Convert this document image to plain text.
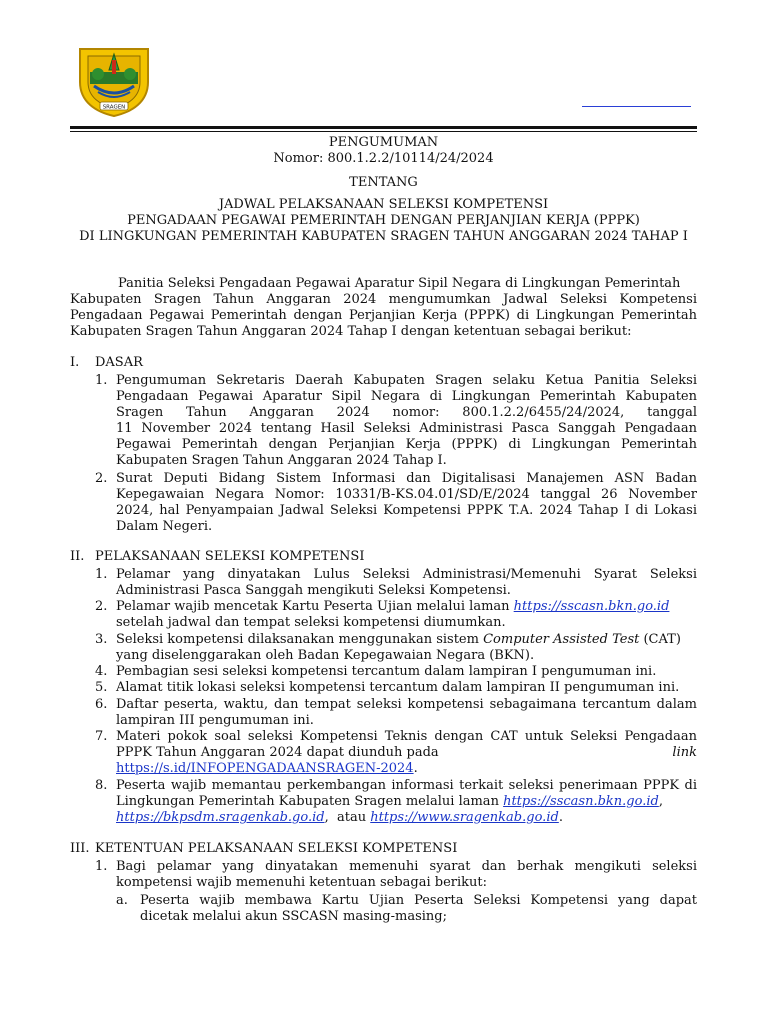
SRAGEN
PENGUMUMAN
Nomor: 800.1.2.2/10114/24/2024
TENTANG
JADWAL PELAKSANAAN SELEKSI KOMPETENSI
PENGADAAN PEGAWAI PEMERINTAH DENGAN PERJANJIAN KERJA (PPPK)
DI LINGKUNGAN PEMERINTAH KABUPATEN SRAGEN TAHUN ANGGARAN 2024 TAHAP I
Panitia Seleksi Pengadaan Pegawai Aparatur Sipil Negara di Lingkungan Pemerintah
Kabupaten Sragen Tahun Anggaran 2024 mengumumkan Jadwal Seleksi Kompetensi
Pengadaan Pegawai Pemerintah dengan Perjanjian Kerja (PPPK) di Lingkungan Pemerintah
Kabupaten Sragen Tahun Anggaran 2024 Tahap I dengan ketentuan sebagai berikut:
I. DASAR
1. Pengumuman Sekretaris Daerah Kabupaten Sragen selaku Ketua Panitia Seleksi
Pengadaan Pegawai Aparatur Sipil Negara di Lingkungan Pemerintah Kabupaten
Sragen Tahun Anggaran 2024 nomor: 800.1.2.2/6455/24/2024, tanggal
11 November 2024 tentang Hasil Seleksi Administrasi Pasca Sanggah Pengadaan
Pegawai Pemerintah dengan Perjanjian Kerja (PPPK) di Lingkungan Pemerintah
Kabupaten Sragen Tahun Anggaran 2024 Tahap I.
2. Surat Deputi Bidang Sistem Informasi dan Digitalisasi Manajemen ASN Badan
Kepegawaian Negara Nomor: 10331/B-KS.04.01/SD/E/2024 tanggal 26 November
2024, hal Penyampaian Jadwal Seleksi Kompetensi PPPK T.A. 2024 Tahap I di Lokasi
Dalam Negeri.
II. PELAKSANAAN SELEKSI KOMPETENSI
1. Pelamar yang dinyatakan Lulus Seleksi Administrasi/Memenuhi Syarat Seleksi
Administrasi Pasca Sanggah mengikuti Seleksi Kompetensi.
2. Pelamar wajib mencetak Kartu Peserta Ujian melalui laman https://sscasn.bkn.go.id
setelah jadwal dan tempat seleksi kompetensi diumumkan.
3. Seleksi kompetensi dilaksanakan menggunakan sistem Computer Assisted Test (CAT)
yang diselenggarakan oleh Badan Kepegawaian Negara (BKN).
4. Pembagian sesi seleksi kompetensi tercantum dalam lampiran I pengumuman ini.
5. Alamat titik lokasi seleksi kompetensi tercantum dalam lampiran II pengumuman ini.
6. Daftar peserta, waktu, dan tempat seleksi kompetensi sebagaimana tercantum dalam
lampiran III pengumuman ini.
7. Materi pokok soal seleksi Kompetensi Teknis dengan CAT untuk Seleksi Pengadaan
PPPK Tahun Anggaran 2024 dapat diunduh pada	link
https://s.id/INFOPENGADAANSRAGEN-2024.
8. Peserta wajib memantau perkembangan informasi terkait seleksi penerimaan PPPK di
Lingkungan Pemerintah Kabupaten Sragen melalui laman https://sscasn.bkn.go.id,
https://bkpsdm.sragenkab.go.id,  atau https://www.sragenkab.go.id.
III. KETENTUAN PELAKSANAAN SELEKSI KOMPETENSI
1. Bagi pelamar yang dinyatakan memenuhi syarat dan berhak mengikuti seleksi
kompetensi wajib memenuhi ketentuan sebagai berikut:
a. Peserta wajib membawa Kartu Ujian Peserta Seleksi Kompetensi yang dapat
dicetak melalui akun SSCASN masing-masing;
